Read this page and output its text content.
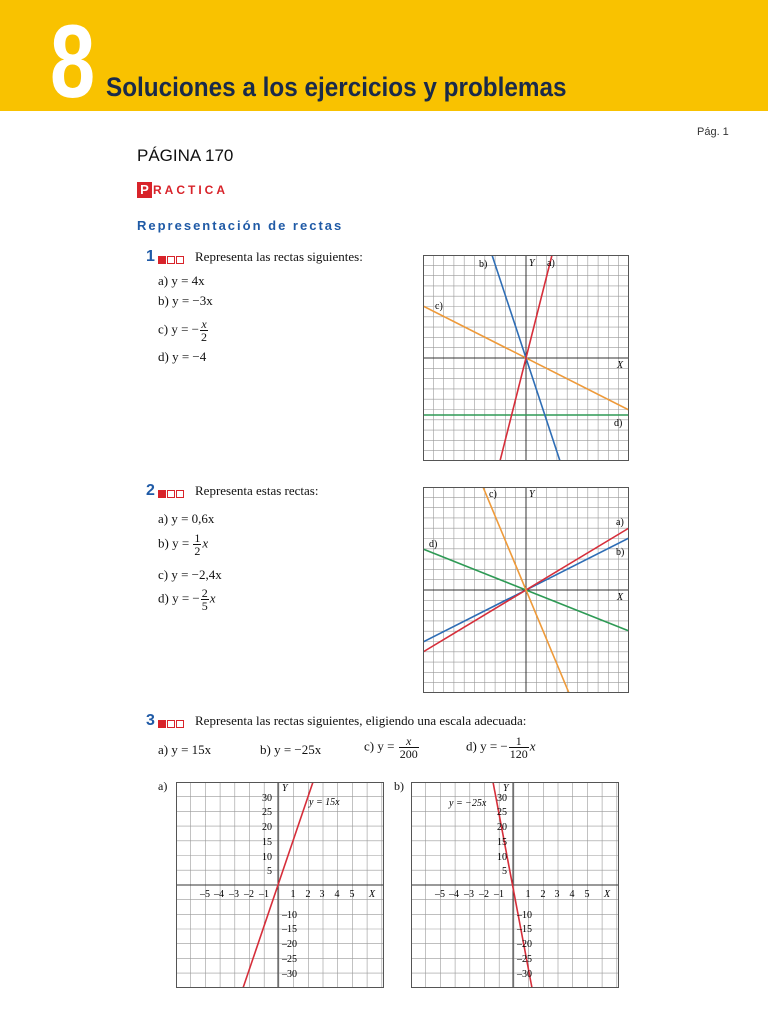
8 Soluciones a los ejercicios y problemas
Pág. 1
PÁGINA 170
P RACTICA
Representación de rectas
1	Representa las rectas siguientes:
a) y = 4x
b) y = −3x
c) y = − $\frac{x}{2}$
d) y = −4
b)	Y a)
c)
X
d)
2	Representa estas rectas:
a) y = 0,6x
b) $y = \frac{1}{2}$ x
c) y = −2,4x
d) y = − $\frac{2}{5}$ x
c)	Y
a)
d)
b)
X
3	Representa las rectas siguientes, eligiendo una escala adecuada:
a) y = 15x	b) y = −25x	c) $y = \frac{x}{200}$	d) y = − $\frac{1}{120}$ x
a)	Y
y = 15x
X
–5 –4 –3 –2 –1 1 2 3 4 5
5
10
15
20
25
30
–10
–15
–20
–25
–30
b)	Y
y = −25x
X
–5 –4 –3 –2 –1 1 2 3 4 5
5
10
15
20
25
30
–10
–15
–20
–25
–30
